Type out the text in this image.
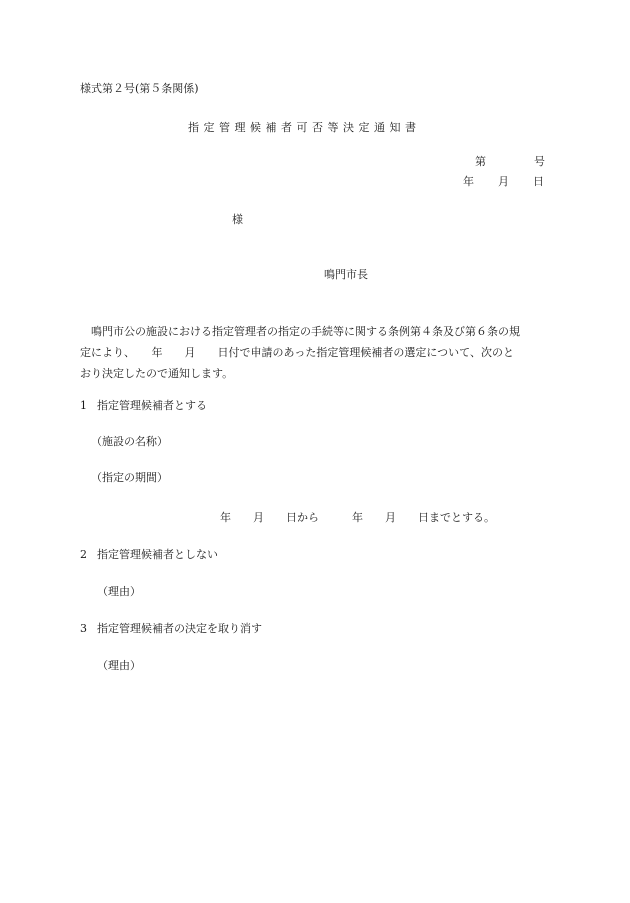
様式第２号(第５条関係)
指定管理候補者可否等決定通知書
第	号
年 月 日
様
鳴門市長

鳴門市公の施設における指定管理者の指定の手続等に関する条例第４条及び第６条の規

定により、　　年　　月　　日付で申請のあった指定管理候補者の選定について、次のと

おり決定したので通知します。

1 指定管理候補者とする
（施設の名称）
（指定の期間）
年 月 日から	年 月 日までとする。
2 指定管理候補者としない
（理由）
3 指定管理候補者の決定を取り消す
（理由）
